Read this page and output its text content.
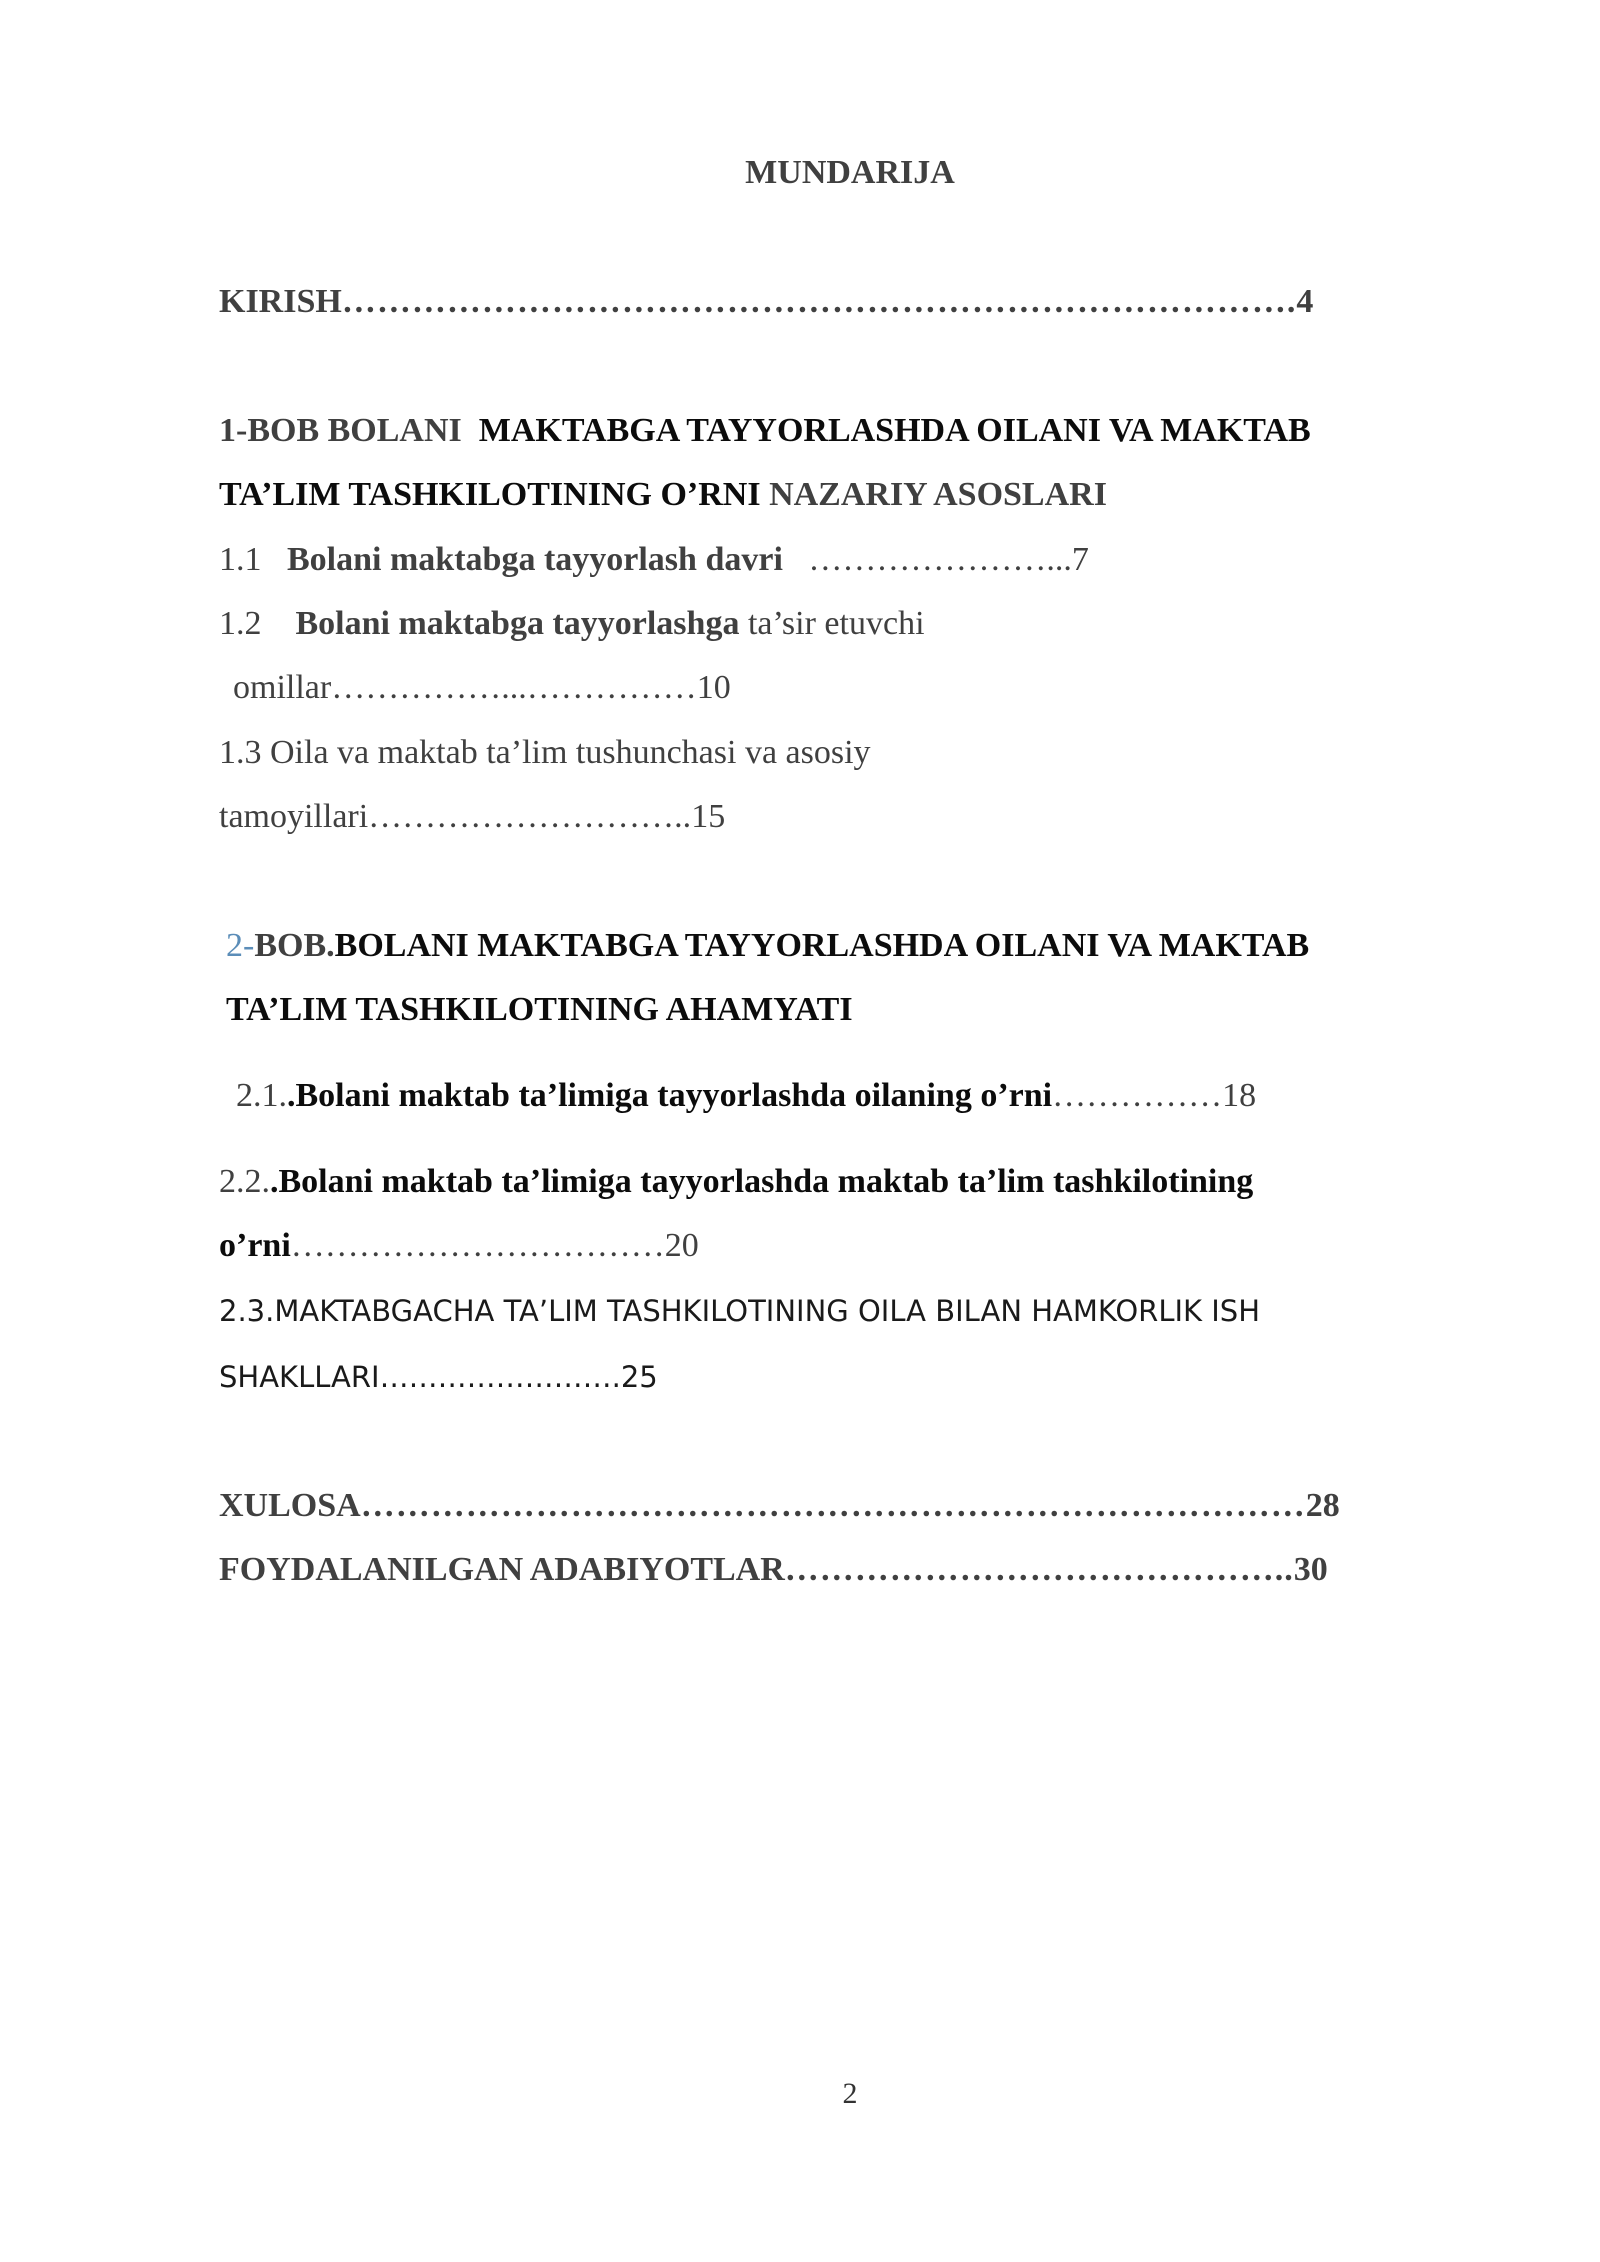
MUNDARIJA
KIRISH……………………………………………………………………….4
1-BOB BOLANI MAKTABGA TAYYORLASHDA OILANI VA MAKTAB
TA’LIM TASHKILOTINING O’RNI NAZARIY ASOSLARI
1.1 Bolani maktabga tayyorlash davri …………………...7
1.2 Bolani maktabga tayyorlashga ta’sir etuvchi
omillar……………...……………10
1.3 Oila va maktab ta’lim tushunchasi va asosiy
tamoyillari………………………..15
2-BOB.BOLANI MAKTABGA TAYYORLASHDA OILANI VA MAKTAB
TA’LIM TASHKILOTINING AHAMYATI
2.1..Bolani maktab ta’limiga tayyorlashda oilaning o’rni……………18
2.2..Bolani maktab ta’limiga tayyorlashda maktab ta’lim tashkilotining
o’rni……………………………20
2.3.MAKTABGACHA TA’LIM TASHKILOTINING OILA BILAN HAMKORLIK ISH
SHAKLLARI…………………….25
XULOSA………………………………………………………………………28
FOYDALANILGAN ADABIYOTLAR……………………………………..30
2
